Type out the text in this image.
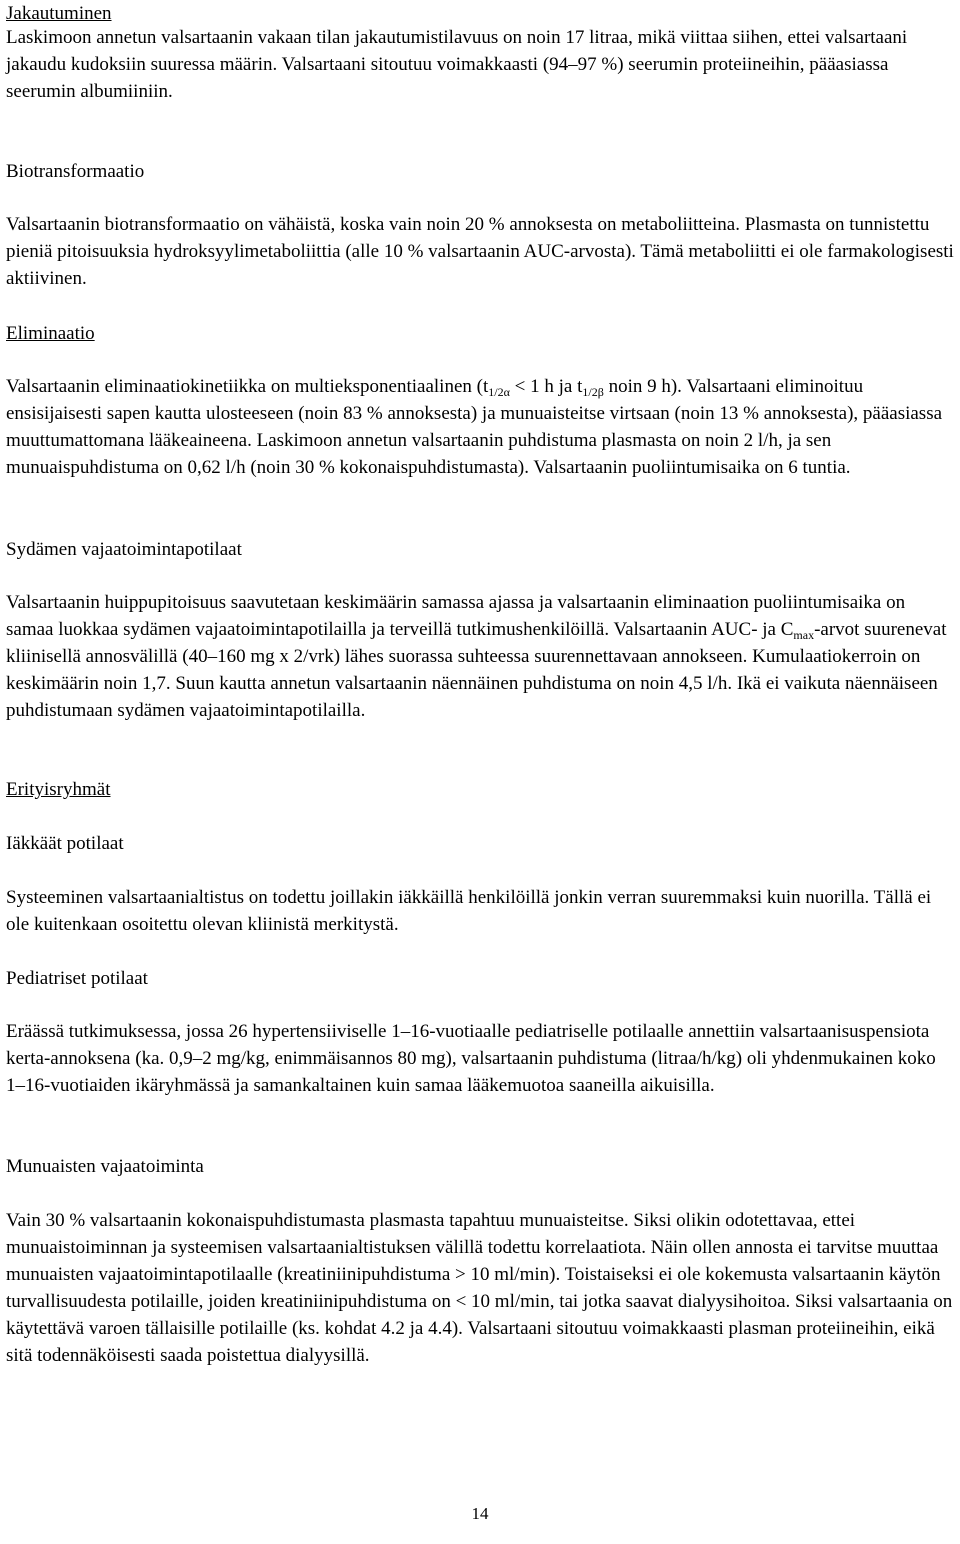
Jakautuminen

Laskimoon annetun valsartaanin vakaan tilan jakautumistilavuus on noin 17 litraa, mikä viittaa siihen, ettei valsartaani jakaudu kudoksiin suuressa määrin. Valsartaani sitoutuu voimakkaasti (94–97 %) seerumin proteiineihin, pääasiassa seerumin albumiiniin.

Biotransformaatio

Valsartaanin biotransformaatio on vähäistä, koska vain noin 20 % annoksesta on metaboliitteina. Plasmasta on tunnistettu pieniä pitoisuuksia hydroksyylimetaboliittia (alle 10 % valsartaanin AUC-arvosta). Tämä metaboliitti ei ole farmakologisesti aktiivinen.

Eliminaatio

Valsartaanin eliminaatiokinetiikka on multieksponentiaalinen ($t_{1/2\alpha} < 1$ h ja $t_{1/2\beta}$ noin 9 h). Valsartaani eliminoituu ensisijaisesti sapen kautta ulosteeseen (noin 83 % annoksesta) ja munuaisteitse virtsaan (noin 13 % annoksesta), pääasiassa muuttumattomana lääkeaineena. Laskimoon annetun valsartaanin puhdistuma plasmasta on noin 2 l/h, ja sen munuaispuhdistuma on 0,62 l/h (noin 30 % kokonaispuhdistumasta). Valsartaanin puoliintumisaika on 6 tuntia.

Sydämen vajaatoimintapotilaat

Valsartaanin huippupitoisuus saavutetaan keskimäärin samassa ajassa ja valsartaanin eliminaation puoliintumisaika on samaa luokkaa sydämen vajaatoimintapotilailla ja terveillä tutkimushenkilöillä. Valsartaanin AUC- ja $C_{max}$-arvot suurenevat kliinisellä annosvälillä (40–160 mg x 2/vrk) lähes suorassa suhteessa suurennettavaan annokseen. Kumulaatiokerroin on keskimäärin noin 1,7. Suun kautta annetun valsartaanin näennäinen puhdistuma on noin 4,5 l/h. Ikä ei vaikuta näennäiseen puhdistumaan sydämen vajaatoimintapotilailla.

Erityisryhmät
Iäkkäät potilaat

Systeeminen valsartaanialtistus on todettu joillakin iäkkäillä henkilöillä jonkin verran suuremmaksi kuin nuorilla. Tällä ei ole kuitenkaan osoitettu olevan kliinistä merkitystä.

Pediatriset potilaat

Eräässä tutkimuksessa, jossa 26 hypertensiiviselle 1–16-vuotiaalle pediatriselle potilaalle annettiin valsartaanisuspensiota kerta-annoksena (ka. 0,9–2 mg/kg, enimmäisannos 80 mg), valsartaanin puhdistuma (litraa/h/kg) oli yhdenmukainen koko 1–16-vuotiaiden ikäryhmässä ja samankaltainen kuin samaa lääkemuotoa saaneilla aikuisilla.

Munuaisten vajaatoiminta

Vain 30 % valsartaanin kokonaispuhdistumasta plasmasta tapahtuu munuaisteitse. Siksi olikin odotettavaa, ettei munuaistoiminnan ja systeemisen valsartaanialtistuksen välillä todettu korrelaatiota. Näin ollen annosta ei tarvitse muuttaa munuaisten vajaatoimintapotilaalle (kreatiniinipuhdistuma > 10 ml/min). Toistaiseksi ei ole kokemusta valsartaanin käytön turvallisuudesta potilaille, joiden kreatiniinipuhdistuma on < 10 ml/min, tai jotka saavat dialyysihoitoa. Siksi valsartaania on käytettävä varoen tällaisille potilaille (ks. kohdat 4.2 ja 4.4). Valsartaani sitoutuu voimakkaasti plasman proteiineihin, eikä sitä todennäköisesti saada poistettua dialyysillä.

14
